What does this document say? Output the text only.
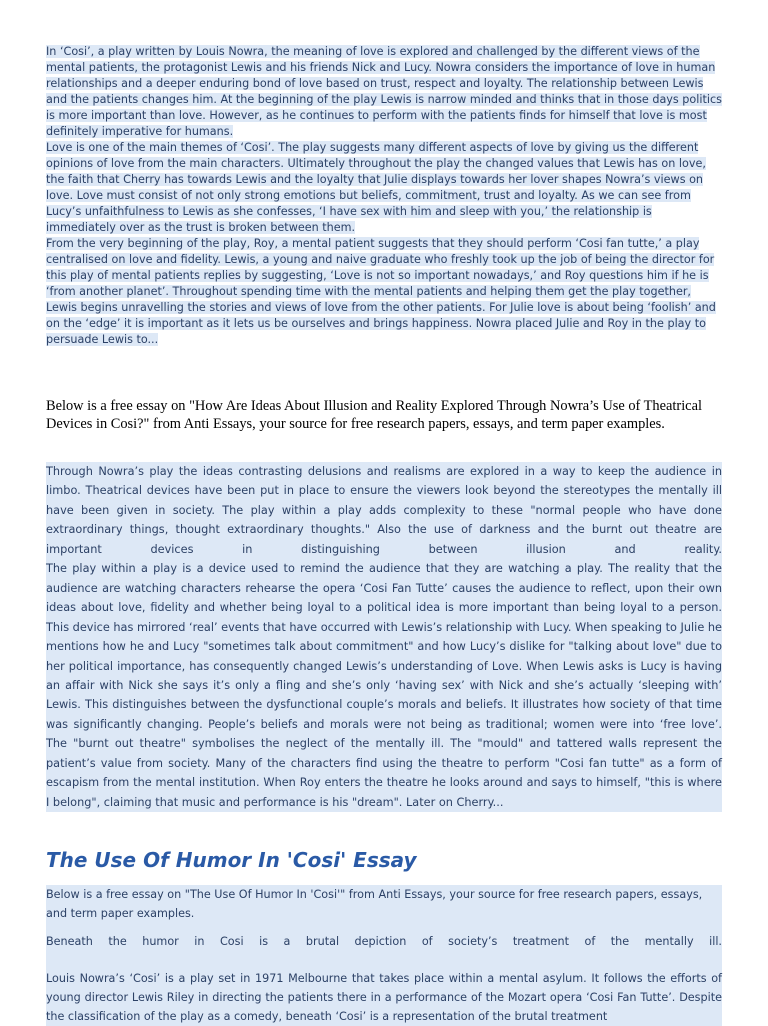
In ‘Cosi’, a play written by Louis Nowra, the meaning of love is explored and challenged by the different views of the mental patients, the protagonist Lewis and his friends Nick and Lucy. Nowra considers the importance of love in human relationships and a deeper enduring bond of love based on trust, respect and loyalty. The relationship between Lewis and the patients changes him. At the beginning of the play Lewis is narrow minded and thinks that in those days politics is more important than love. However, as he continues to perform with the patients finds for himself that love is most definitely imperative for humans.

Love is one of the main themes of ‘Cosi’. The play suggests many different aspects of love by giving us the different opinions of love from the main characters. Ultimately throughout the play the changed values that Lewis has on love, the faith that Cherry has towards Lewis and the loyalty that Julie displays towards her lover shapes Nowra’s views on love. Love must consist of not only strong emotions but beliefs, commitment, trust and loyalty. As we can see from Lucy’s unfaithfulness to Lewis as she confesses, ‘I have sex with him and sleep with you,’ the relationship is immediately over as the trust is broken between them.

From the very beginning of the play, Roy, a mental patient suggests that they should perform ‘Cosi fan tutte,’ a play centralised on love and fidelity. Lewis, a young and naive graduate who freshly took up the job of being the director for this play of mental patients replies by suggesting, ‘Love is not so important nowadays,’ and Roy questions him if he is ‘from another planet’. Throughout spending time with the mental patients and helping them get the play together, Lewis begins unravelling the stories and views of love from the other patients. For Julie love is about being ‘foolish’ and on the ‘edge’ it is important as it lets us be ourselves and brings happiness. Nowra placed Julie and Roy in the play to persuade Lewis to...

Below is a free essay on "How Are Ideas About Illusion and Reality Explored Through Nowra’s Use of Theatrical Devices in Cosi?" from Anti Essays, your source for free research papers, essays, and term paper examples.

Through Nowra’s play the ideas contrasting delusions and realisms are explored in a way to keep the audience in limbo. Theatrical devices have been put in place to ensure the viewers look beyond the stereotypes the mentally ill have been given in society. The play within a play adds complexity to these "normal people who have done extraordinary things, thought extraordinary thoughts." Also the use of darkness and the burnt out theatre are important devices in distinguishing between illusion and reality.

The play within a play is a device used to remind the audience that they are watching a play. The reality that the audience are watching characters rehearse the opera ‘Cosi Fan Tutte’ causes the audience to reflect, upon their own ideas about love, fidelity and whether being loyal to a political idea is more important than being loyal to a person. This device has mirrored ‘real’ events that have occurred with Lewis’s relationship with Lucy. When speaking to Julie he mentions how he and Lucy "sometimes talk about commitment" and how Lucy’s dislike for "talking about love" due to her political importance, has consequently changed Lewis’s understanding of Love. When Lewis asks is Lucy is having an affair with Nick she says it’s only a fling and she’s only ‘having sex’ with Nick and she’s actually ‘sleeping with’ Lewis. This distinguishes between the dysfunctional couple’s morals and beliefs. It illustrates how society of that time was significantly changing. People’s beliefs and morals were not being as traditional; women were into ‘free love’.

The "burnt out theatre" symbolises the neglect of the mentally ill. The "mould" and tattered walls represent the patient’s value from society. Many of the characters find using the theatre to perform "Cosi fan tutte" as a form of escapism from the mental institution. When Roy enters the theatre he looks around and says to himself, "this is where I belong", claiming that music and performance is his "dream". Later on Cherry...

The Use Of Humor In 'Cosi' Essay

Below is a free essay on "The Use Of Humor In 'Cosi'" from Anti Essays, your source for free research papers, essays, and term paper examples.

Beneath the humor in Cosi is a brutal depiction of society’s treatment of the mentally ill.

Louis Nowra’s ‘Cosi’ is a play set in 1971 Melbourne that takes place within a mental asylum. It follows the efforts of young director Lewis Riley in directing the patients there in a performance of the Mozart opera ‘Cosi Fan Tutte’. Despite the classification of the play as a comedy, beneath ‘Cosi’ is a representation of the brutal treatment
